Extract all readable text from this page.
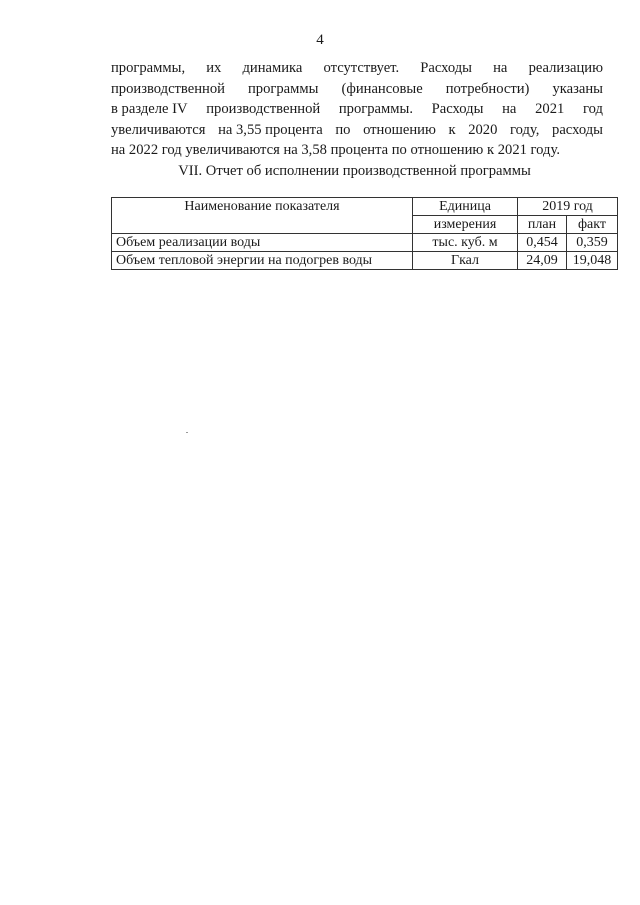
4
программы, их динамика отсутствует. Расходы на реализацию
производственной программы (финансовые потребности) указаны
в разделе IV производственной программы. Расходы на 2021 год
увеличиваются на 3,55 процента по отношению к 2020 году, расходы
на 2022 год увеличиваются на 3,58 процента по отношению к 2021 году.
VII. Отчет об исполнении производственной программы
Наименование показателя	Единица	2019 год	
	измерения	план	факт
Объем реализации воды	тыс. куб. м	0,454	0,359
Объем тепловой энергии на подогрев воды	Гкал	24,09	19,048
